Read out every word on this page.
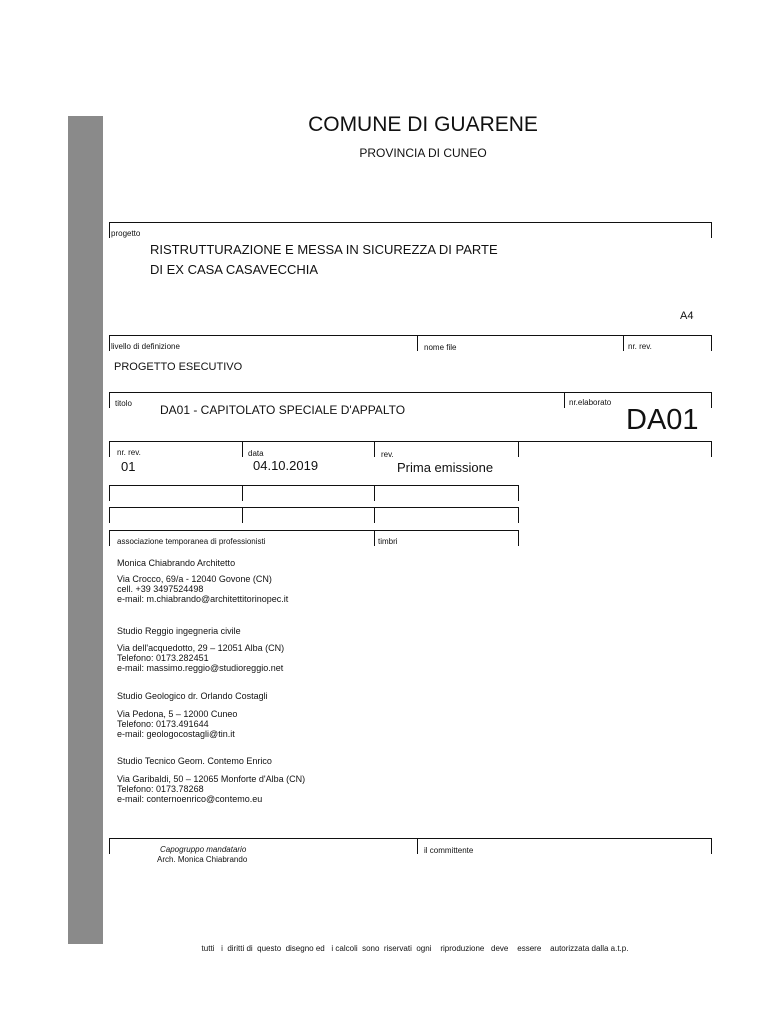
COMUNE DI GUARENE
PROVINCIA DI CUNEO
progetto
RISTRUTTURAZIONE E MESSA IN SICUREZZA DI PARTE
DI EX CASA CASAVECCHIA
A4
livello di definizione	nome file	nr. rev.
PROGETTO ESECUTIVO
titolo DA01 - CAPITOLATO SPECIALE D'APPALTO
nr.elaborato
DA01
nr. rev.	data	rev.
01	04.10.2019	Prima emissione
associazione temporanea di professionisti	timbri
Monica Chiabrando Architetto
Via Crocco, 69/a - 12040 Govone (CN)
cell. +39 3497524498
e-mail: m.chiabrando@architettitorinopec.it
Studio Reggio ingegneria civile
Via dell'acquedotto, 29 – 12051 Alba (CN)
Telefono: 0173.282451
e-mail: massimo.reggio@studioreggio.net
Studio Geologico dr. Orlando Costagli
Via Pedona, 5 – 12000 Cuneo
Telefono: 0173.491644
e-mail: geologocostagli@tin.it
Studio Tecnico Geom. Contemo Enrico
Via Garibaldi, 50 – 12065 Monforte d'Alba (CN)
Telefono: 0173.78268
e-mail: conternoenrico@contemo.eu
Capogruppo mandatario
Arch. Monica Chiabrando
il committente
tutti   i  diritti di  questo  disegno ed   i calcoli  sono  riservati  ogni    riproduzione   deve    essere    autorizzata dalla a.t.p.
